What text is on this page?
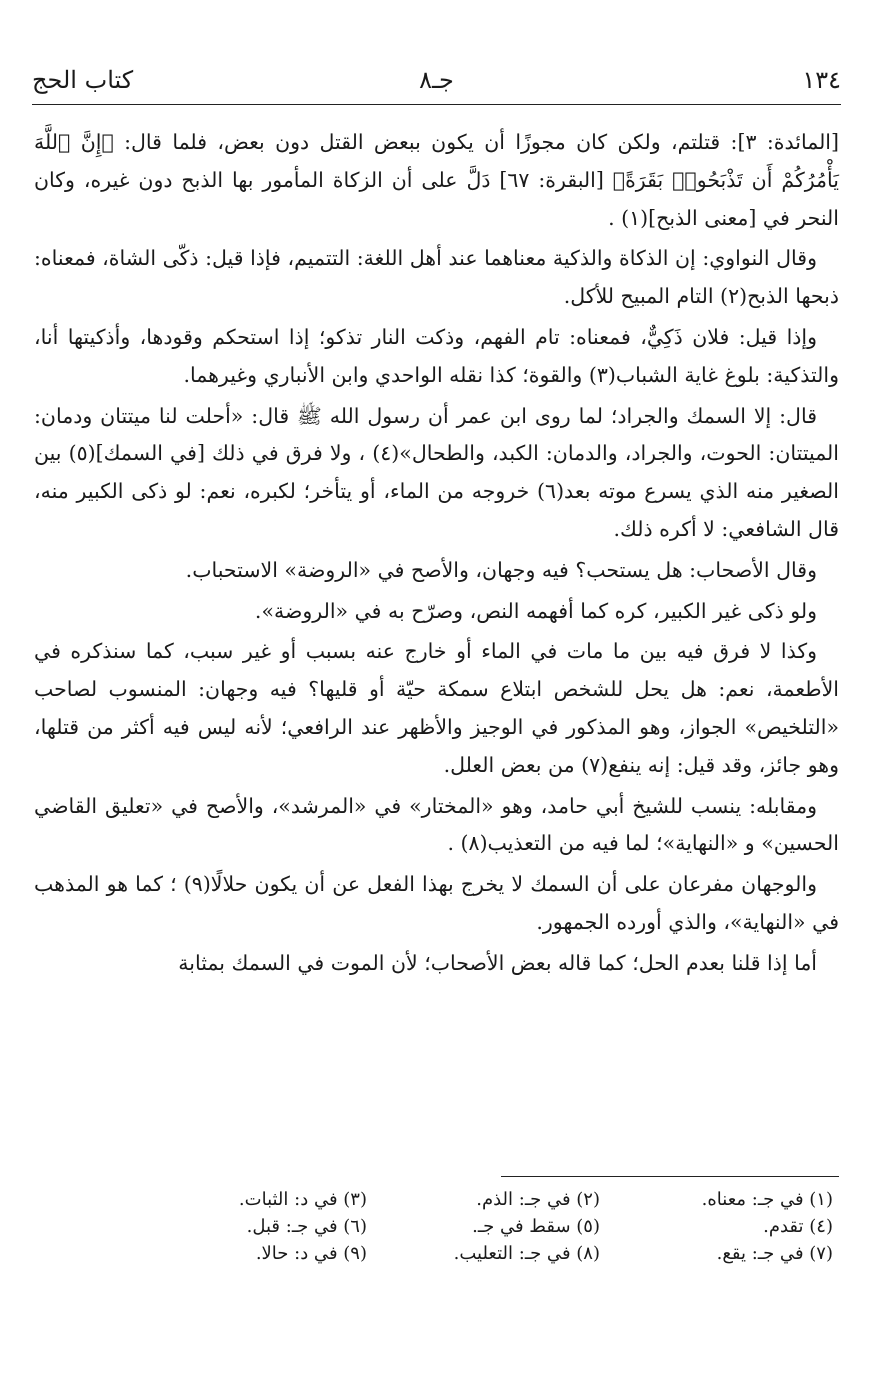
١٣٤
جـ٨
كتاب الحج

[المائدة: ٣]: قتلتم، ولكن كان مجوزًا أن يكون ببعض القتل دون بعض، فلما قال: ﴿إِنَّ ٱللَّهَ يَأْمُرُكُمْ أَن تَذْبَحُوا۟ بَقَرَةً﴾ [البقرة: ٦٧] دَلَّ على أن الزكاة المأمور بها الذبح دون غيره، وكان النحر في [معنى الذبح](١) .

وقال النواوي: إن الذكاة والذكية معناهما عند أهل اللغة: التتميم، فإذا قيل: ذكّى الشاة، فمعناه: ذبحها الذبح(٢) التام المبيح للأكل.

وإذا قيل: فلان ذَكِيٌّ، فمعناه: تام الفهم، وذكت النار تذكو؛ إذا استحكم وقودها، وأذكيتها أنا، والتذكية: بلوغ غاية الشباب(٣) والقوة؛ كذا نقله الواحدي وابن الأنباري وغيرهما.

قال: إلا السمك والجراد؛ لما روى ابن عمر أن رسول الله ﷺ قال: «أحلت لنا ميتتان ودمان: الميتتان: الحوت، والجراد، والدمان: الكبد، والطحال»(٤) ، ولا فرق في ذلك [في السمك](٥) بين الصغير منه الذي يسرع موته بعد(٦) خروجه من الماء، أو يتأخر؛ لكبره، نعم: لو ذكى الكبير منه، قال الشافعي: لا أكره ذلك.

وقال الأصحاب: هل يستحب؟ فيه وجهان، والأصح في «الروضة» الاستحباب.

ولو ذكى غير الكبير، كره كما أفهمه النص، وصرّح به في «الروضة».

وكذا لا فرق فيه بين ما مات في الماء أو خارج عنه بسبب أو غير سبب، كما سنذكره في الأطعمة، نعم: هل يحل للشخص ابتلاع سمكة حيّة أو قليها؟ فيه وجهان: المنسوب لصاحب «التلخيص» الجواز، وهو المذكور في الوجيز والأظهر عند الرافعي؛ لأنه ليس فيه أكثر من قتلها، وهو جائز، وقد قيل: إنه ينفع(٧) من بعض العلل.

ومقابله: ينسب للشيخ أبي حامد، وهو «المختار» في «المرشد»، والأصح في «تعليق القاضي الحسين» و «النهاية»؛ لما فيه من التعذيب(٨) .

والوجهان مفرعان على أن السمك لا يخرج بهذا الفعل عن أن يكون حلالًا(٩) ؛ كما هو المذهب في «النهاية»، والذي أورده الجمهور.

أما إذا قلنا بعدم الحل؛ كما قاله بعض الأصحاب؛ لأن الموت في السمك بمثابة

(١) في جـ: معناه.
(٢) في جـ: الذم.
(٣) في د: الثبات.
(٤) تقدم.
(٥) سقط في جـ.
(٦) في جـ: قبل.
(٧) في جـ: يقع.
(٨) في جـ: التعليب.
(٩) في د: حالا.
